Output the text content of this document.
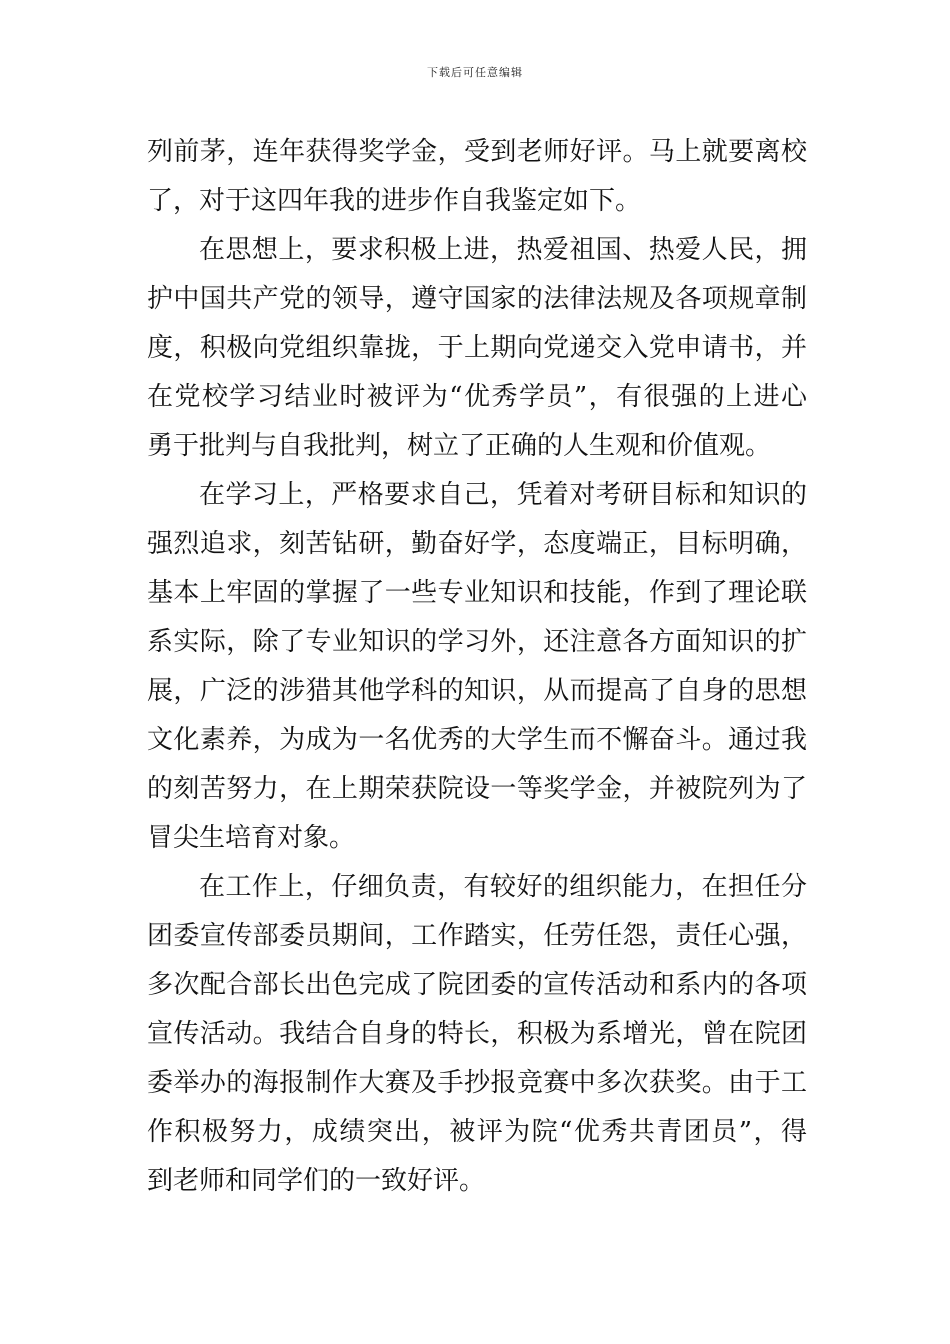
下载后可任意编辑
列前茅，连年获得奖学金，受到老师好评。马上就要离校
了，对于这四年我的进步作自我鉴定如下。
在思想上，要求积极上进，热爱祖国、热爱人民，拥
护中国共产党的领导，遵守国家的法律法规及各项规章制
度，积极向党组织靠拢，于上期向党递交入党申请书，并
在党校学习结业时被评为“优秀学员”，有很强的上进心
勇于批判与自我批判，树立了正确的人生观和价值观。
在学习上，严格要求自己，凭着对考研目标和知识的
强烈追求，刻苦钻研，勤奋好学，态度端正，目标明确，
基本上牢固的掌握了一些专业知识和技能，作到了理论联
系实际，除了专业知识的学习外，还注意各方面知识的扩
展，广泛的涉猎其他学科的知识，从而提高了自身的思想
文化素养，为成为一名优秀的大学生而不懈奋斗。通过我
的刻苦努力，在上期荣获院设一等奖学金，并被院列为了
冒尖生培育对象。
在工作上，仔细负责，有较好的组织能力，在担任分
团委宣传部委员期间，工作踏实，任劳任怨，责任心强，
多次配合部长出色完成了院团委的宣传活动和系内的各项
宣传活动。我结合自身的特长，积极为系增光，曾在院团
委举办的海报制作大赛及手抄报竞赛中多次获奖。由于工
作积极努力，成绩突出，被评为院“优秀共青团员”，得
到老师和同学们的一致好评。
